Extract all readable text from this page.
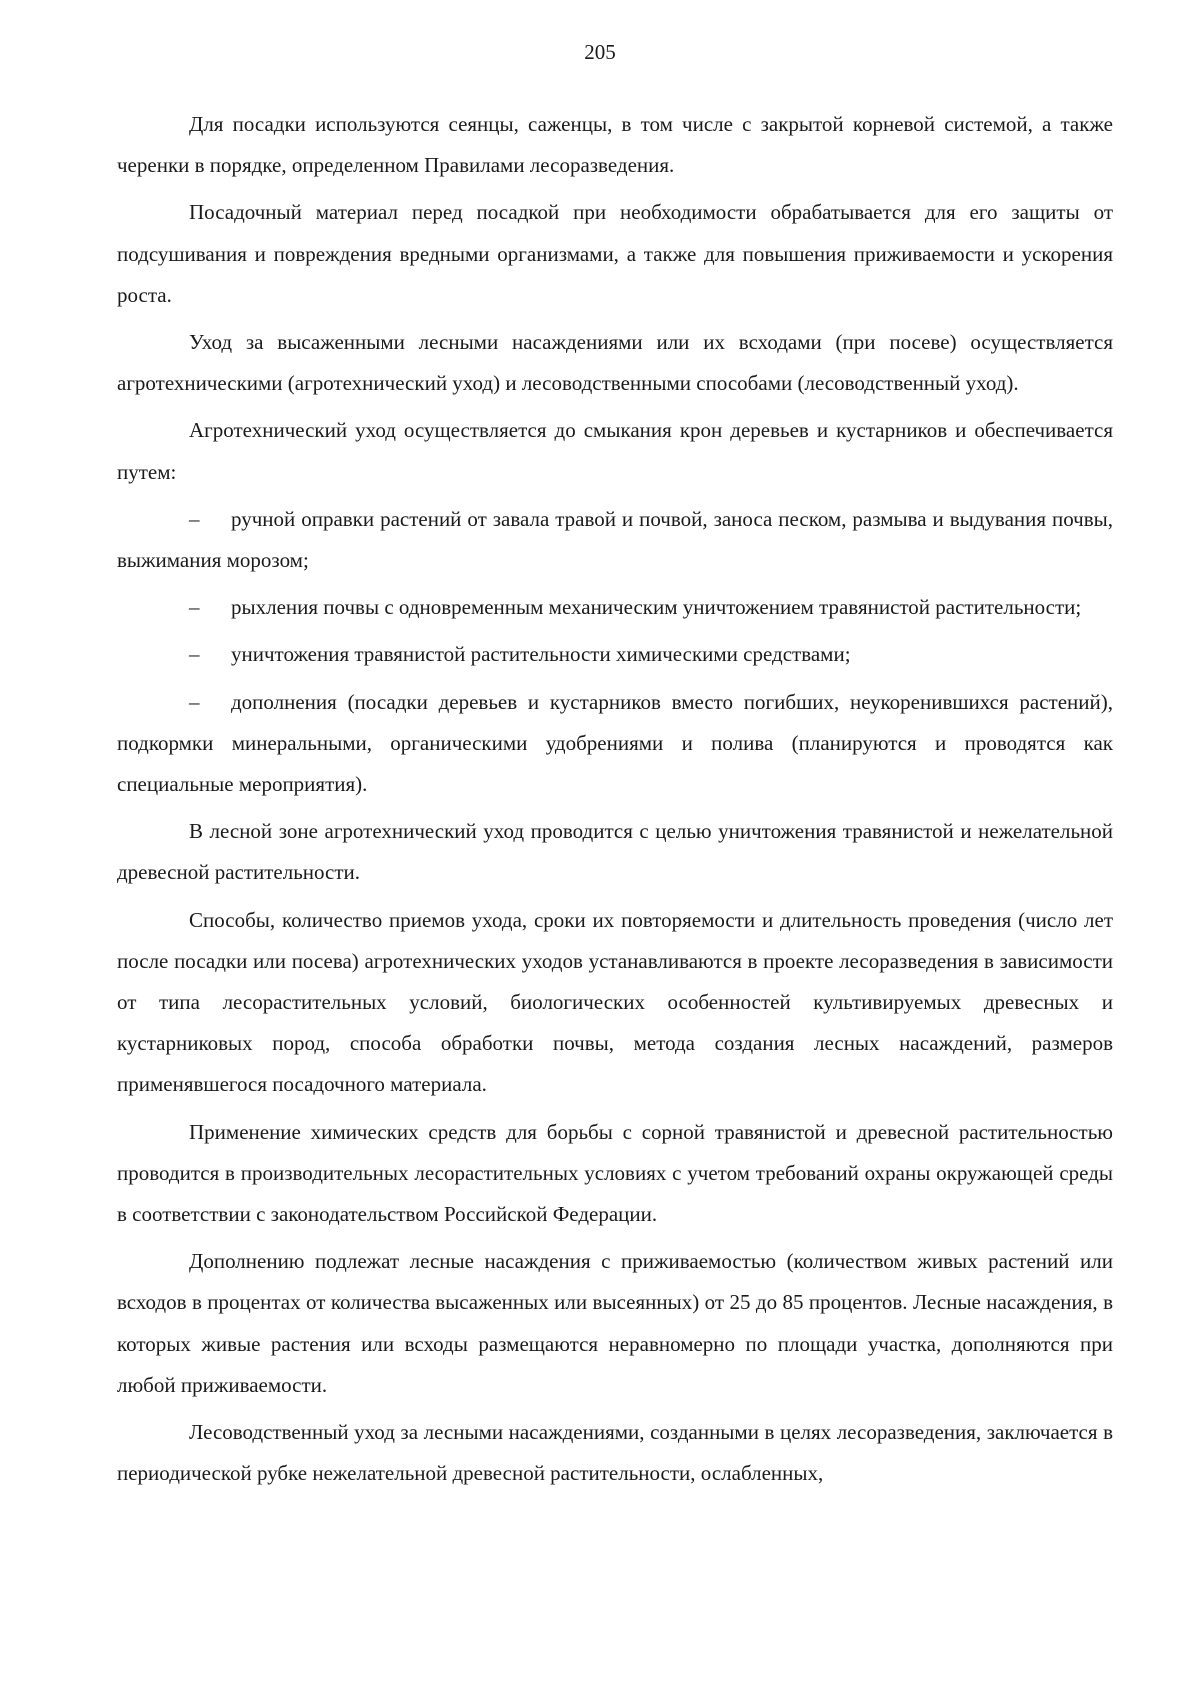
205

Для посадки используются сеянцы, саженцы, в том числе с закрытой корневой системой, а также черенки в порядке, определенном Правилами лесоразведения.

Посадочный материал перед посадкой при необходимости обрабатывается для его защиты от подсушивания и повреждения вредными организмами, а также для повышения приживаемости и ускорения роста.

Уход за высаженными лесными насаждениями или их всходами (при посеве) осуществляется агротехническими (агротехнический уход) и лесоводственными способами (лесоводственный уход).

Агротехнический уход осуществляется до смыкания крон деревьев и кустарников и обеспечивается путем:

– ручной оправки растений от завала травой и почвой, заноса песком, размыва и выдувания почвы, выжимания морозом;

– рыхления почвы с одновременным механическим уничтожением травянистой растительности;

– уничтожения травянистой растительности химическими средствами;

– дополнения (посадки деревьев и кустарников вместо погибших, неукоренившихся растений), подкормки минеральными, органическими удобрениями и полива (планируются и проводятся как специальные мероприятия).

В лесной зоне агротехнический уход проводится с целью уничтожения травянистой и нежелательной древесной растительности.

Способы, количество приемов ухода, сроки их повторяемости и длительность проведения (число лет после посадки или посева) агротехнических уходов устанавливаются в проекте лесоразведения в зависимости от типа лесорастительных условий, биологических особенностей культивируемых древесных и кустарниковых пород, способа обработки почвы, метода создания лесных насаждений, размеров применявшегося посадочного материала.

Применение химических средств для борьбы с сорной травянистой и древесной растительностью проводится в производительных лесорастительных условиях с учетом требований охраны окружающей среды в соответствии с законодательством Российской Федерации.

Дополнению подлежат лесные насаждения с приживаемостью (количеством живых растений или всходов в процентах от количества высаженных или высеянных) от 25 до 85 процентов. Лесные насаждения, в которых живые растения или всходы размещаются неравномерно по площади участка, дополняются при любой приживаемости.

Лесоводственный уход за лесными насаждениями, созданными в целях лесоразведения, заключается в периодической рубке нежелательной древесной растительности, ослабленных,
